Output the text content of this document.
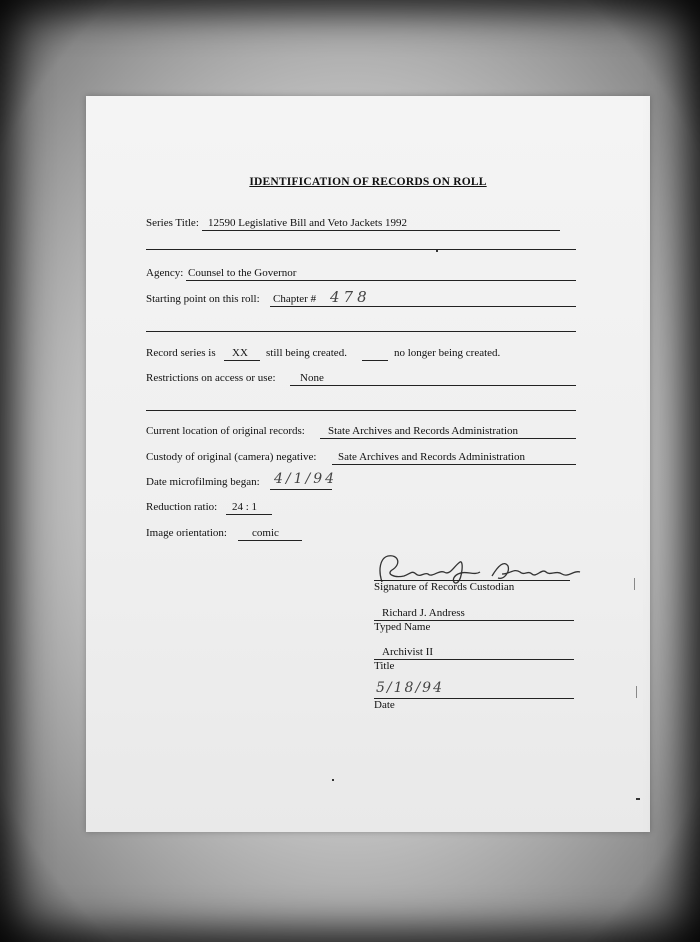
IDENTIFICATION OF RECORDS ON ROLL
Series Title: 12590 Legislative Bill and Veto Jackets 1992
Agency: Counsel to the Governor
Starting point on this roll: Chapter # 478
Record series is XX still being created.	no longer being created.
Restrictions on access or use: None
Current location of original records: State Archives and Records Administration
Custody of original (camera) negative: Sate Archives and Records Administration
Date microfilming began: 4/1/94
Reduction ratio: 24 : 1
Image orientation: comic
Signature of Records Custodian
Richard J. Andress
Typed Name
Archivist II
Title
5/18/94
Date
